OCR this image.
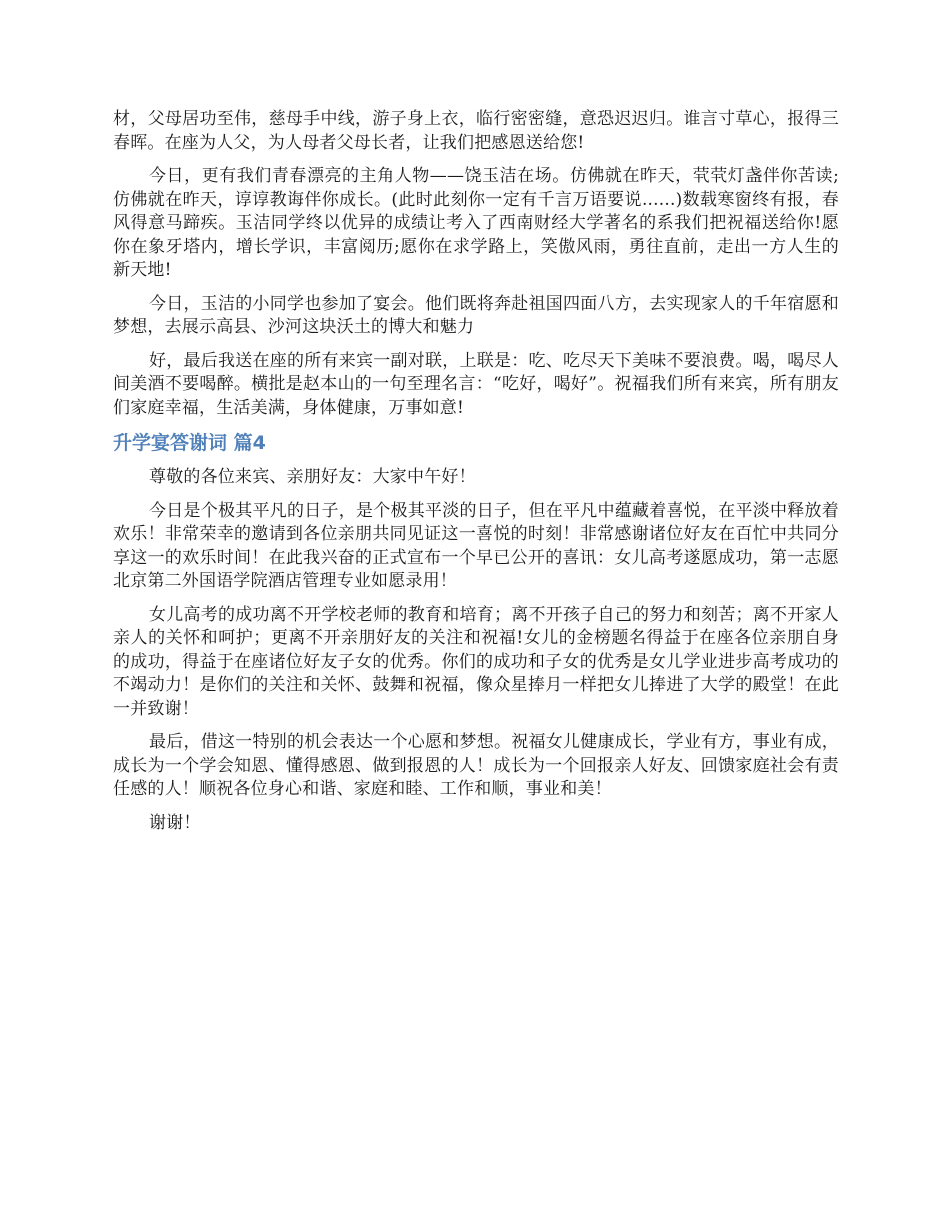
材，父母居功至伟，慈母手中线，游子身上衣，临行密密缝，意恐迟迟归。谁言寸草心，报得三春晖。在座为人父，为人母者父母长者，让我们把感恩送给您!

今日，更有我们青春漂亮的主角人物——饶玉洁在场。仿佛就在昨天，茕茕灯盏伴你苦读;仿佛就在昨天，谆谆教诲伴你成长。(此时此刻你一定有千言万语要说......)数载寒窗终有报，春风得意马蹄疾。玉洁同学终以优异的成绩让考入了西南财经大学著名的系我们把祝福送给你!愿你在象牙塔内，增长学识，丰富阅历;愿你在求学路上，笑傲风雨，勇往直前，走出一方人生的新天地!

今日，玉洁的小同学也参加了宴会。他们既将奔赴祖国四面八方，去实现家人的千年宿愿和梦想，去展示高县、沙河这块沃土的博大和魅力

好，最后我送在座的所有来宾一副对联，上联是：吃、吃尽天下美味不要浪费。喝，喝尽人间美酒不要喝醉。横批是赵本山的一句至理名言：“吃好，喝好”。祝福我们所有来宾，所有朋友们家庭幸福，生活美满，身体健康，万事如意!

升学宴答谢词 篇4

尊敬的各位来宾、亲朋好友：大家中午好！

今日是个极其平凡的日子，是个极其平淡的日子，但在平凡中蕴藏着喜悦，在平淡中释放着欢乐！非常荣幸的邀请到各位亲朋共同见证这一喜悦的时刻！非常感谢诸位好友在百忙中共同分享这一的欢乐时间！在此我兴奋的正式宣布一个早已公开的喜讯：女儿高考遂愿成功，第一志愿北京第二外国语学院酒店管理专业如愿录用！

女儿高考的成功离不开学校老师的教育和培育；离不开孩子自己的努力和刻苦；离不开家人亲人的关怀和呵护；更离不开亲朋好友的关注和祝福!女儿的金榜题名得益于在座各位亲朋自身的成功，得益于在座诸位好友子女的优秀。你们的成功和子女的优秀是女儿学业进步高考成功的不竭动力！是你们的关注和关怀、鼓舞和祝福，像众星捧月一样把女儿捧进了大学的殿堂！在此一并致谢！

最后，借这一特别的机会表达一个心愿和梦想。祝福女儿健康成长，学业有方，事业有成，成长为一个学会知恩、懂得感恩、做到报恩的人！成长为一个回报亲人好友、回馈家庭社会有责任感的人！顺祝各位身心和谐、家庭和睦、工作和顺，事业和美！

谢谢！
